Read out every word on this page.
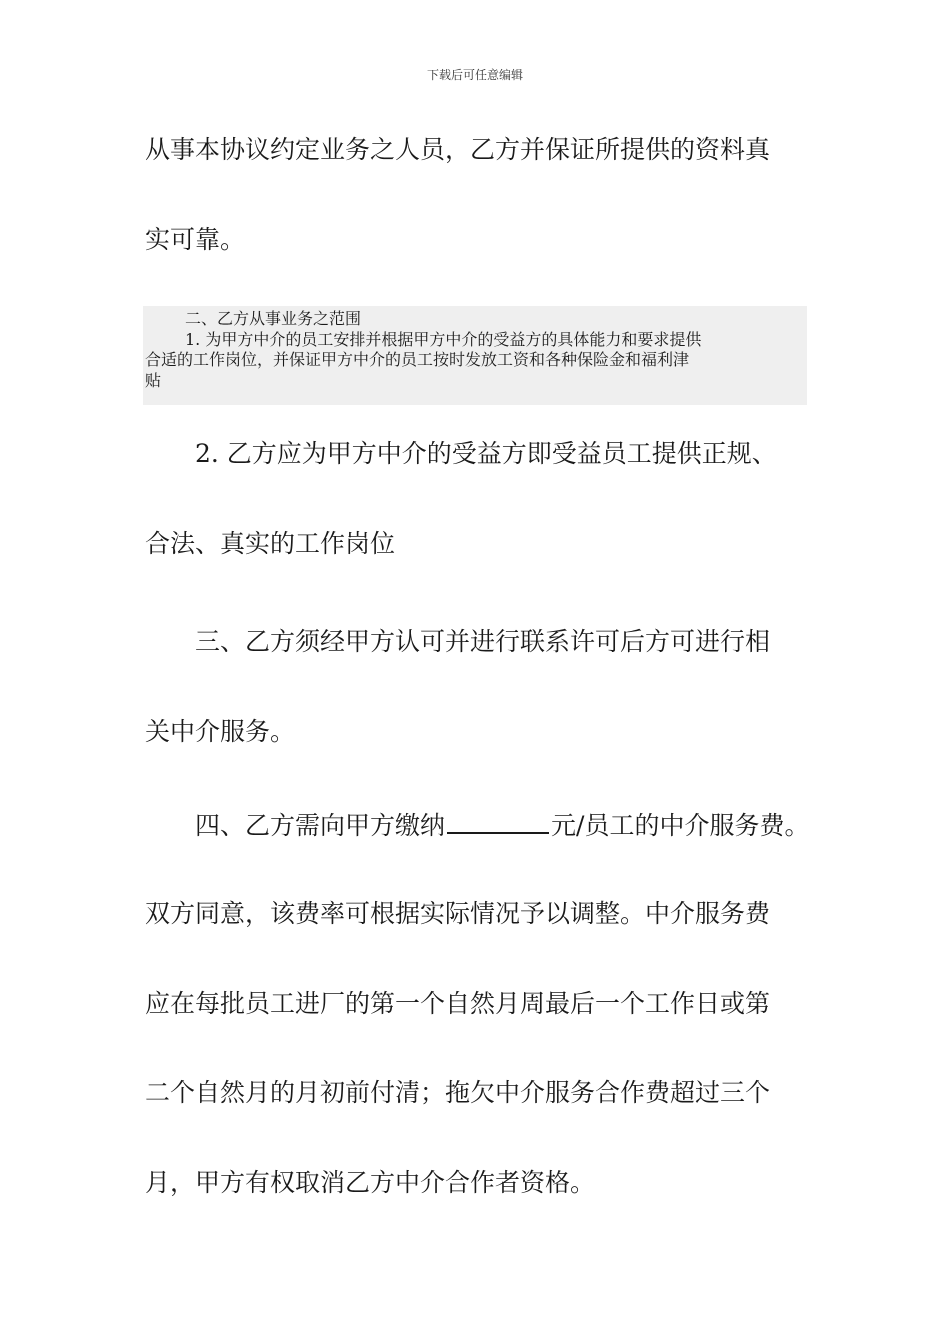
下载后可任意编辑
从事本协议约定业务之人员，乙方并保证所提供的资料真
实可靠。
二、乙方从事业务之范围
1. 为甲方中介的员工安排并根据甲方中介的受益方的具体能力和要求提供
合适的工作岗位，并保证甲方中介的员工按时发放工资和各种保险金和福利津
贴
2. 乙方应为甲方中介的受益方即受益员工提供正规、
合法、真实的工作岗位
三、乙方须经甲方认可并进行联系许可后方可进行相
关中介服务。
四、乙方需向甲方缴纳	元/员工的中介服务费。
双方同意，该费率可根据实际情况予以调整。中介服务费
应在每批员工进厂的第一个自然月周最后一个工作日或第
二个自然月的月初前付清；拖欠中介服务合作费超过三个
月，甲方有权取消乙方中介合作者资格。
